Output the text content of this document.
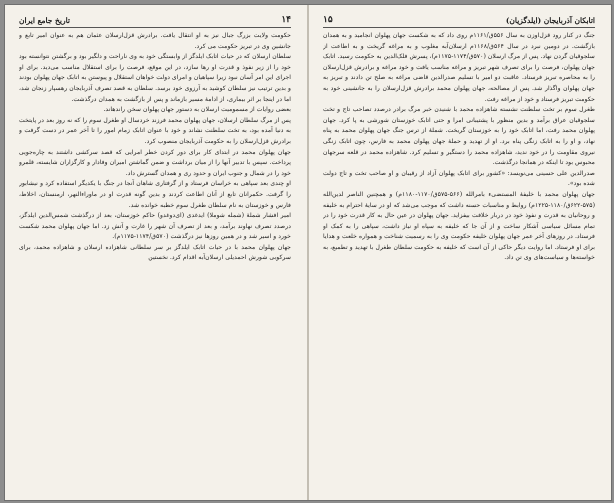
تاریخ جامع ایران	۱۴

حکومت ولایت بزرگ جبال نیز به او انتقال یافت. برادرش قزل‌ارسلان عثمان هم به عنوان امیر تابع و جانشین وی در تبریز حکومت می کرد.

سلطان ارسلان که در حیات اتابک ایلدگز از وابستگی خود به وی ناراحت و دلگیر بود و برگشتن نتوانسته بود خود را از زیر نفوذ و قدرت او رها سازد، در این موقع، فرصت را برای استقلال مناسب می‌دید. برای او اجرای این امر آسان نبود زیرا سپاهیان و امرای دولت خواهان استقلال و پیوستن به اتابک جهان پهلوان بودند و بدین ترتیب نیز سلطان کوشید به آرزوی خود برسد. سلطان به قصد تصرف آذربایجان رهسپار زنجان شد، اما در اینجا بر اثر بیماری، از ادامهٔ مسیر بازماند و پس از بازگشت به همدان درگذشت.

بعضی روایات از مسمومیت ارسلان به دستور جهان پهلوان سخن راندهاند.

پس از مرگ سلطان ارسلان، جهان پهلوان محمد فرزند خردسال او طغرل سوم را که نه روز بعد در پایتخت به دنیا آمده بود، به تخت سلطنت نشاند و خود با عنوان اتابک زمام امور را تا آخر عمر در دست گرفت و برادرش قزل‌ارسلان را به حکومت آذربایجان منصوب کرد.

جهان پهلوان محمد در ابتدای کار برای دور کردن خطر امرایی که قصد سرکشی داشتند به چاره‌جویی پرداخت. سپس با تدبیر آنها را از میان برداشت و ضمن گماشتن امیران وفادار و کارگزاران شایسته، قلمرو خود را در شمال و جنوب ایران و حدود ری و همدان گسترش داد.

او چندی بعد سپاهی به خراسان فرستاد و از گرفتاری شاهان آنجا در جنگ با یکدیگر استفاده کرد و نیشابور را گرفت. حکمرانان تابع از آنان اطاعت کردند و بدین گونه قدرت او در ماوراءالنهر، ارمنستان، اخلاط، فارس و خوزستان به نام سلطان طغرل سوم خطبه خوانده شد.

امیر افشار شملهٔ (شمله شوملا) ایدغدی (ای‌دوغدو) حاکم خوزستان، بعد از درگذشت شمس‌الدین ایلدگز، درصدد تصرف نهاوند برآمد، و بعد از تصرف آن شهر را غارت و آتش زد. اما جهان پهلوان محمد شکست خورد و اسیر شد و در همین روزها نیز درگذشت (۵۷۰ق/۱۱۷۴-۱۱۷۵م).

جهان پهلوان محمد با در حیات اتابک ایلدگز بر سر سلطانی شاهزاده ارسلان و شاهزاده محمد، برای سرکوبی شورش احمدیلی ارسلان‌آبه اقدام کرد. نخستین

۱۵	اتابکان آذربایجان (ایلدگزیان)

جنگ در کنار رود قزل‌اوزن به سال ۵۵۶ق/۱۱۶۱م روی داد که به شکست جهان پهلوان انجامید و به همدان بازگشت. در دومین نبرد در سال ۵۶۴ق/۱۱۶۸م ارسلان‌آبه مغلوب و به مراغه گریخت و به اطاعت از سلجوقیان گردن نهاد. پس از مرگ ارسلان (۵۷۰ق/۱۱۷۴-۱۱۷۵م)، پسرش فلک‌الدین به حکومت رسید. اتابک جهان پهلوان، فرصت را برای تصرف شهر تبریز و مراغه مناسب یافت و خود مراغه و برادرش قزل‌ارسلان را به محاصره تبریز فرستاد. عاقبت دو امیر با تسلیم صدرالدین قاضی مراغه به صلح تن دادند و تبریز به جهان پهلوان واگذار شد. پس از مصالحه، جهان پهلوان محمد برادرش قزل‌ارسلان را به جانشینی خود به حکومت تبریز فرستاد و خود از مراغه رفت.

طغرل سوم بر تخت سلطنت نشسته شاهزاده محمد با شنیدن خبر مرگ برادر درصدد تصاحب تاج و تخت سلجوقیان عراق برآمد و بدین منظور با پشتیبانی امرا و حتی اتابک خوزستان شورشی به پا کرد. جهان پهلوان محمد رفت، اما اتابک خود را به خوزستان گریخت. شملهٔ از ترس جنگ جهان پهلوان محمد به پناه نهاد، و او را به اتابک زنگی پناه برد. او از تهدید و حملهٔ جهان پهلوان محمد به فارس، چون اتابک زنگی نیروی مقاومت را در خود ندید، شاهزاده محمد را دستگیر و تسلیم کرد. شاهزاده محمد در قلعه سرجهان محبوس بود تا اینکه در همانجا درگذشت.

صدرالدین علی حسینی می‌نویسد: «کشور برای اتابک پهلوان آزاد از رقیبان و او صاحب تخت و تاج دولت شده بود».

جهان پهلوان محمد با خلیفهٔ المستضیء بامرالله (۵۶۶-۵۷۵ق/۱۱۷۰-۱۱۸۰م) و همچنین الناصر لدین‌الله (۵۷۵-۶۲۲ق/۱۱۸۰-۱۲۲۵م) روابط و مناسبات حسنه داشت که موجب می‌شد که او در سایهٔ احترام به خلیفه و روحانیان به قدرت و نفوذ خود در دربار خلافت بیفزاید. جهان پهلوان در عین حال به کار قدرت خود را در تمام مسائل سیاسی آشکار ساخت و از آن جا که خلیفه به سپاه او نیاز داشت، سپاهی را به کمک او فرستاد. در روزهای آخر عمر جهان پهلوان خلیفه حکومت وی را به رسمیت شناخت و همواره خلعت و هدایا برای او فرستاد. اما روایت دیگر حاکی از آن است که خلیفه به حکومت سلطان طغرل با تهدید و تطمیع، به خواسته‌ها و سیاست‌های وی تن داد.
